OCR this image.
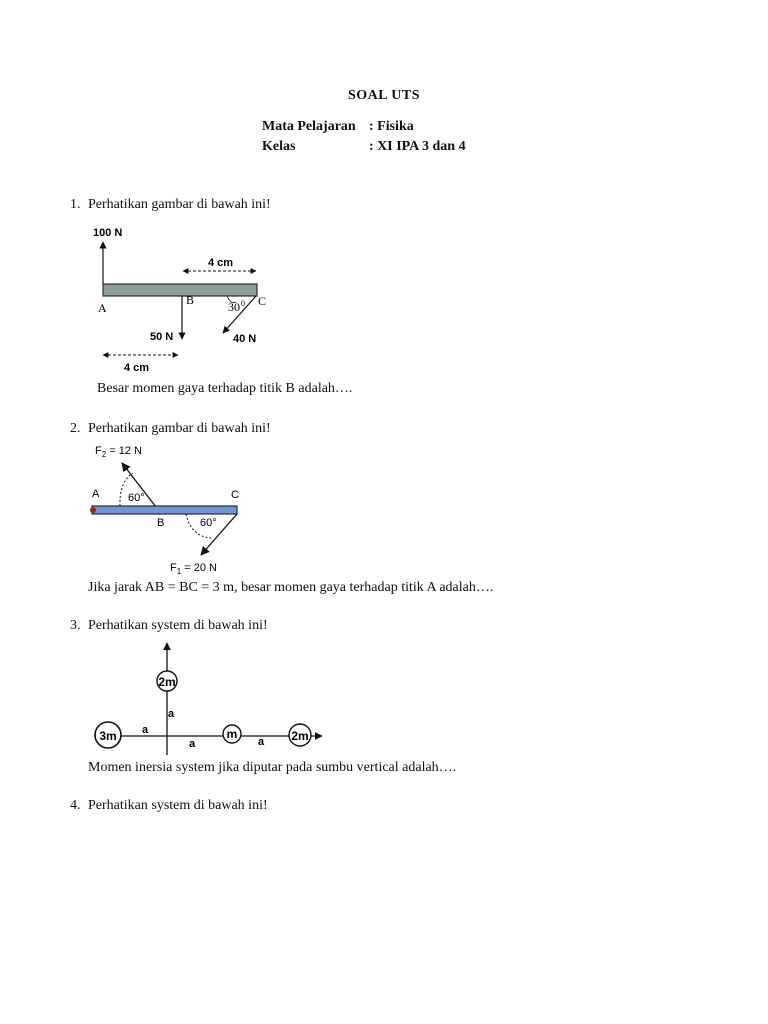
SOAL UTS
Mata Pelajaran : Fisika
Kelas	: XI IPA 3 dan 4
1. Perhatikan gambar di bawah ini!
100 N
4 cm
A
B	C
30 0
50 N	40 N
4 cm
$F_2 = 12$ N
60°
A	C
B	60°
$F_1 = 20$ N
2m
a
3m a
a
m
a 2m
Besar momen gaya terhadap titik B adalah….
2. Perhatikan gambar di bawah ini!
Jika jarak AB = BC = 3 m, besar momen gaya terhadap titik A adalah….
3. Perhatikan system di bawah ini!
Momen inersia system jika diputar pada sumbu vertical adalah….
4. Perhatikan system di bawah ini!
